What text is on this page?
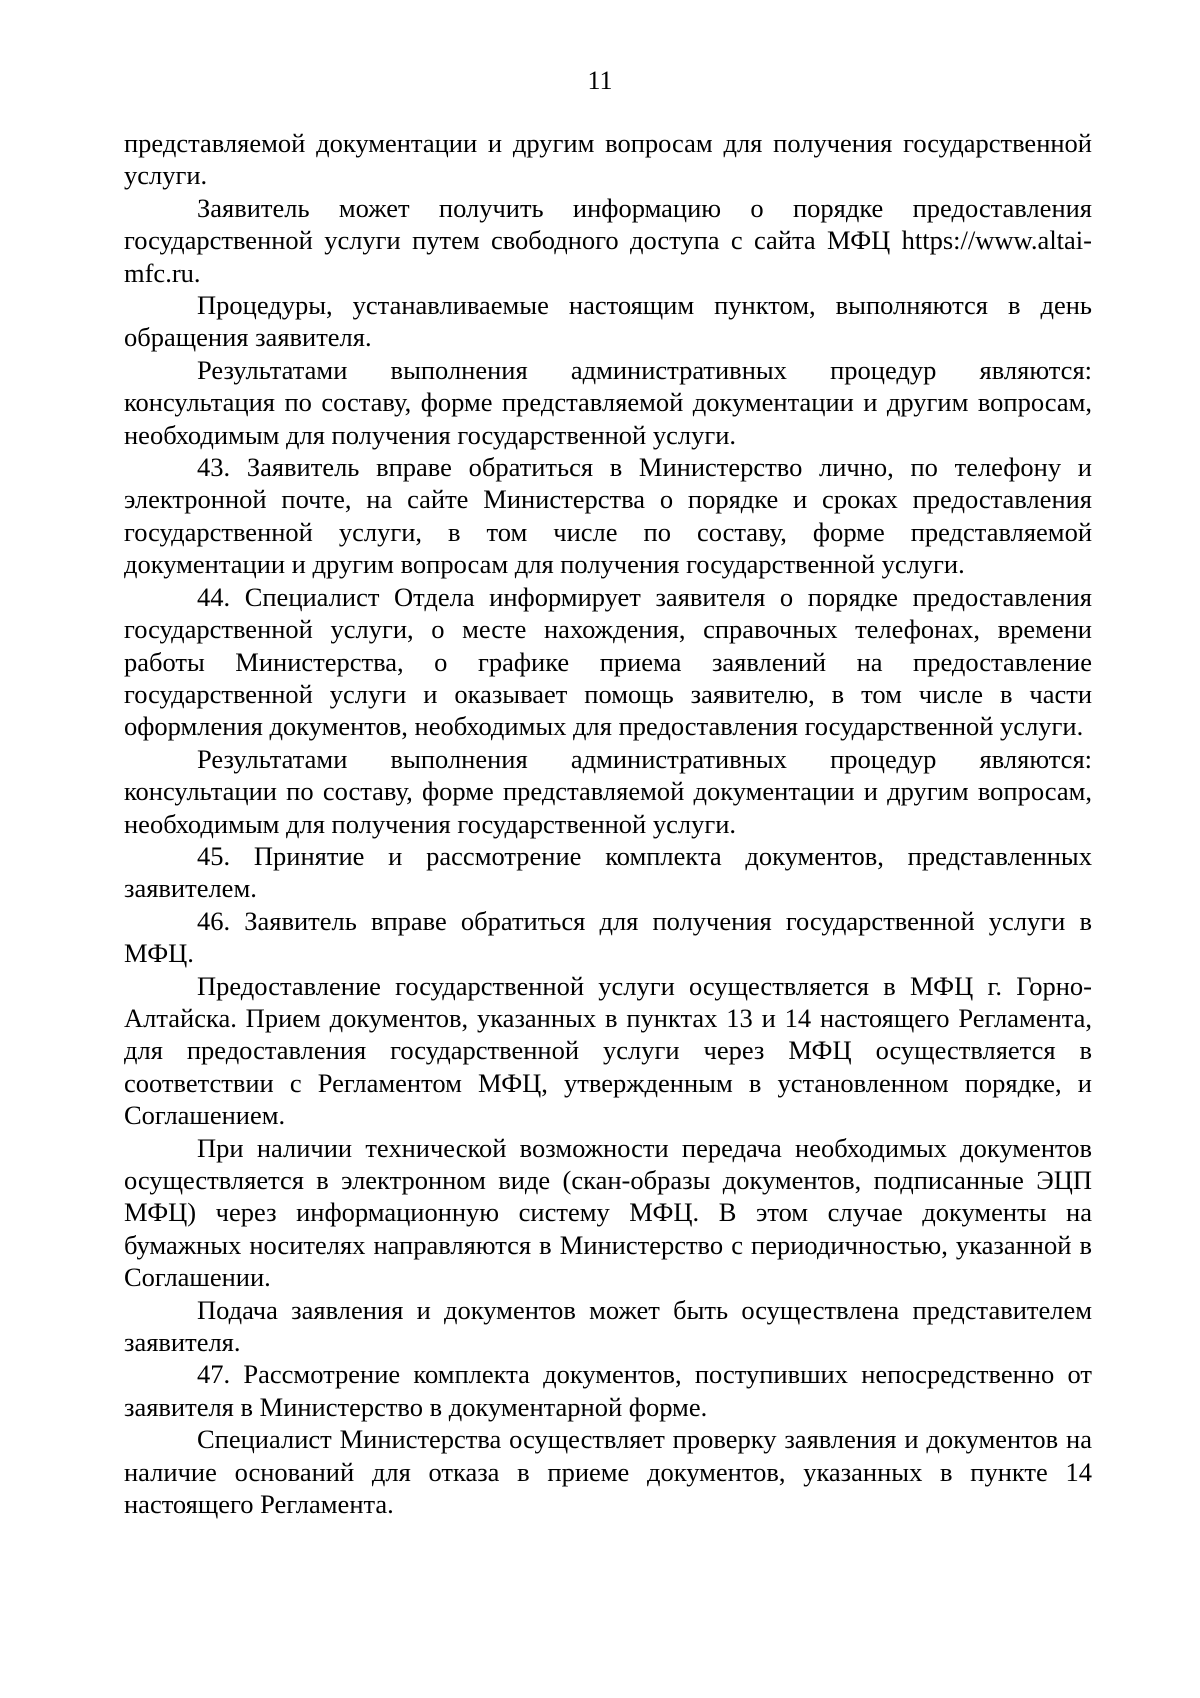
11

представляемой документации и другим вопросам для получения государственной услуги.

Заявитель может получить информацию о порядке предоставления государственной услуги путем свободного доступа с сайта МФЦ https://www.altai-mfc.ru.

Процедуры, устанавливаемые настоящим пунктом, выполняются в день обращения заявителя.

Результатами выполнения административных процедур являются: консультация по составу, форме представляемой документации и другим вопросам, необходимым для получения государственной услуги.

43. Заявитель вправе обратиться в Министерство лично, по телефону и электронной почте, на сайте Министерства о порядке и сроках предоставления государственной услуги, в том числе по составу, форме представляемой документации и другим вопросам для получения государственной услуги.

44. Специалист Отдела информирует заявителя о порядке предоставления государственной услуги, о месте нахождения, справочных телефонах, времени работы Министерства, о графике приема заявлений на предоставление государственной услуги и оказывает помощь заявителю, в том числе в части оформления документов, необходимых для предоставления государственной услуги.

Результатами выполнения административных процедур являются: консультации по составу, форме представляемой документации и другим вопросам, необходимым для получения государственной услуги.

45. Принятие и рассмотрение комплекта документов, представленных заявителем.

46. Заявитель вправе обратиться для получения государственной услуги в МФЦ.

Предоставление государственной услуги осуществляется в МФЦ г. Горно-Алтайска. Прием документов, указанных в пунктах 13 и 14 настоящего Регламента, для предоставления государственной услуги через МФЦ осуществляется в соответствии с Регламентом МФЦ, утвержденным в установленном порядке, и Соглашением.

При наличии технической возможности передача необходимых документов осуществляется в электронном виде (скан-образы документов, подписанные ЭЦП МФЦ) через информационную систему МФЦ. В этом случае документы на бумажных носителях направляются в Министерство с периодичностью, указанной в Соглашении.

Подача заявления и документов может быть осуществлена представителем заявителя.

47. Рассмотрение комплекта документов, поступивших непосредственно от заявителя в Министерство в документарной форме.

Специалист Министерства осуществляет проверку заявления и документов на наличие оснований для отказа в приеме документов, указанных в пункте 14 настоящего Регламента.
